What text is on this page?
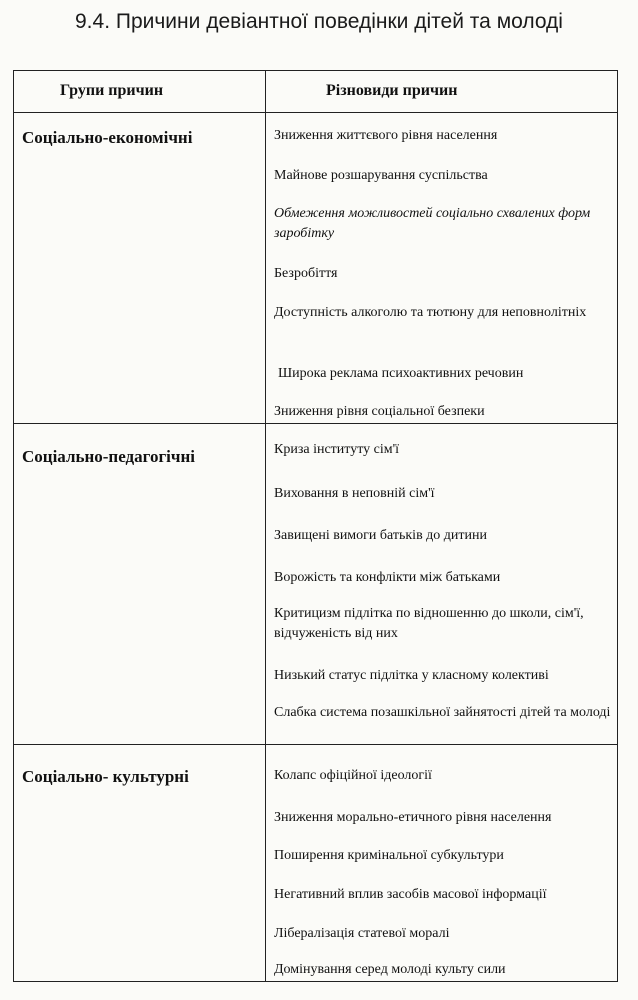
9.4. Причини девіантної поведінки дітей та молоді
Групи причин	Різновиди причин
Соціально-економічні	Зниження життєвого рівня населення
Майнове розшарування суспільства
Обмеження можливостей соціально схвалених форм заробітку
Безробіття
Доступність алкоголю та тютюну для неповнолітніх
Широка реклама психоактивних речовин
Зниження рівня соціальної безпеки
Соціально-педагогічні	Криза інституту сім'ї
Виховання в неповній сім'ї
Завищені вимоги батьків до дитини
Ворожість та конфлікти між батьками
Критицизм підлітка по відношенню до школи, сім'ї, відчуженість від них
Низький статус підлітка у класному колективі
Слабка система позашкільної зайнятості дітей та молоді
Соціально- культурні	Колапс офіційної ідеології
Зниження морально-етичного рівня населення
Поширення кримінальної субкультури
Негативний вплив засобів масової інформації
Лібералізація статевої моралі
Домінування серед молоді культу сили
